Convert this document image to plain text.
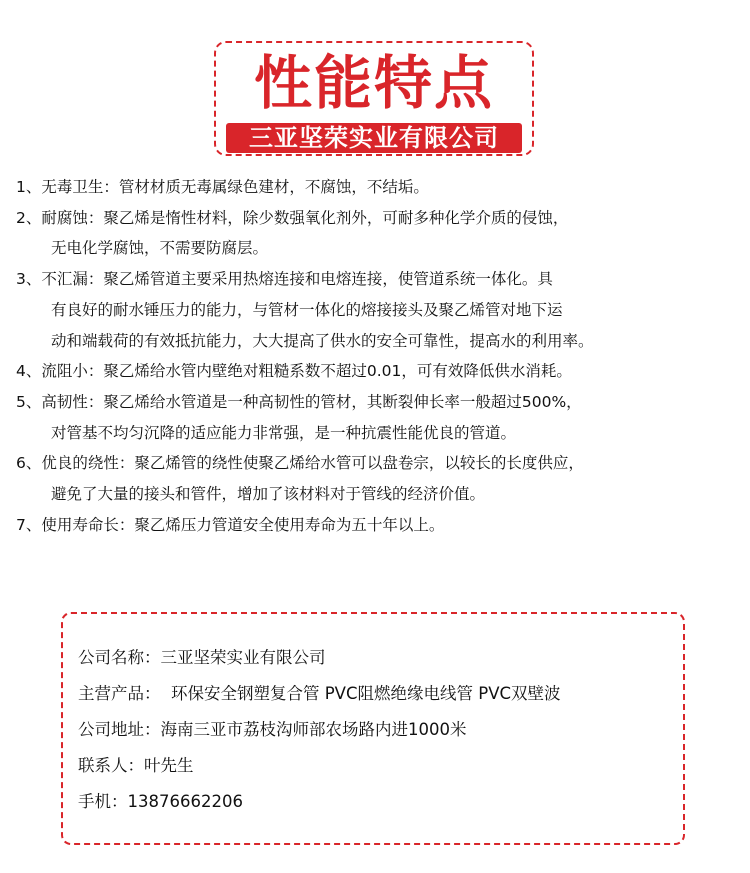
性能特点
三亚坚荣实业有限公司
1、无毒卫生：管材材质无毒属绿色建材，不腐蚀，不结垢。
2、耐腐蚀：聚乙烯是惰性材料，除少数强氧化剂外，可耐多种化学介质的侵蚀，
无电化学腐蚀，不需要防腐层。
3、不汇漏：聚乙烯管道主要采用热熔连接和电熔连接，使管道系统一体化。具
有良好的耐水锤压力的能力，与管材一体化的熔接接头及聚乙烯管对地下运
动和端载荷的有效抵抗能力，大大提高了供水的安全可靠性，提高水的利用率。
4、流阻小：聚乙烯给水管内壁绝对粗糙系数不超过0.01，可有效降低供水消耗。
5、高韧性：聚乙烯给水管道是一种高韧性的管材，其断裂伸长率一般超过500%，
对管基不均匀沉降的适应能力非常强，是一种抗震性能优良的管道。
6、优良的绕性：聚乙烯管的绕性使聚乙烯给水管可以盘卷宗，以较长的长度供应，
避免了大量的接头和管件，增加了该材料对于管线的经济价值。
7、使用寿命长：聚乙烯压力管道安全使用寿命为五十年以上。
公司名称：三亚坚荣实业有限公司
主营产品：  环保安全钢塑复合管 PVC阻燃绝缘电线管 PVC双壁波
公司地址：海南三亚市荔枝沟师部农场路内进1000米
联系人：叶先生
手机：13876662206
